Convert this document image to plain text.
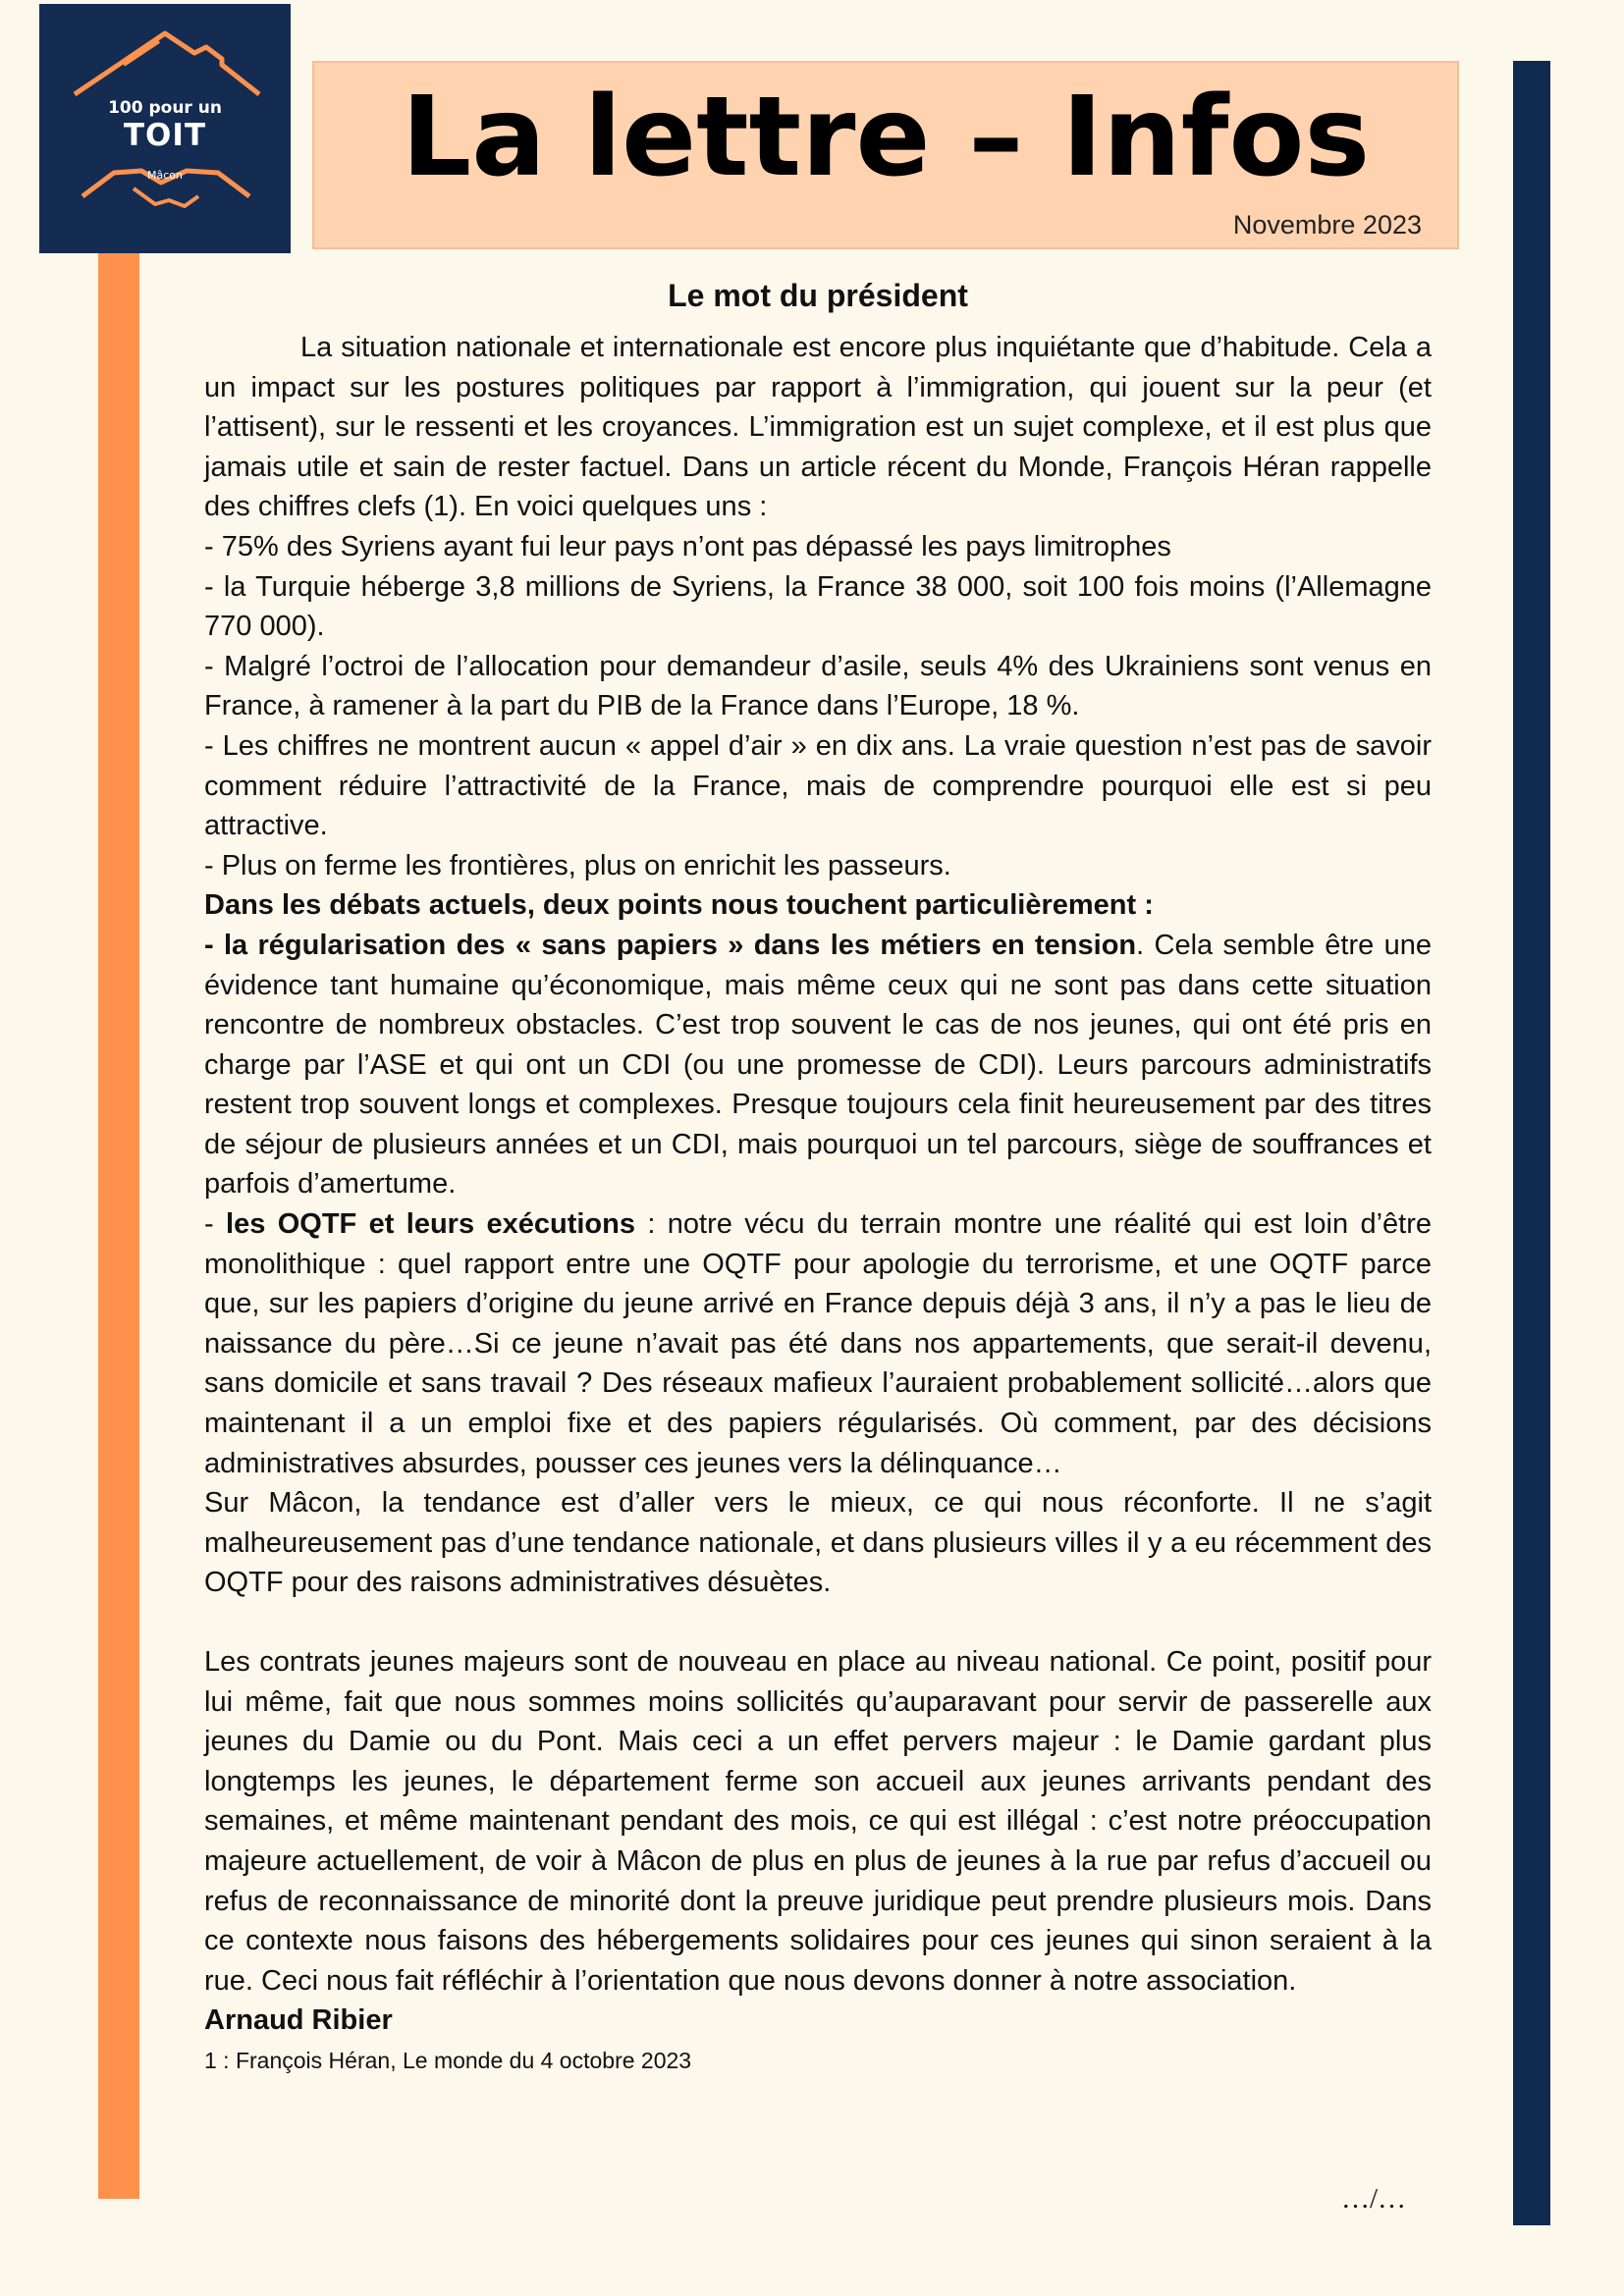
100 pour un
TOIT
Mâcon	La lettre – Infos
Novembre 2023

Le mot du président

La situation nationale et internationale est encore plus inquiétante que d’habitude. Cela a un impact sur les postures politiques par rapport à l’immigration, qui jouent sur la peur (et l’attisent), sur le ressenti et les croyances. L’immigration est un sujet complexe, et il est plus que jamais utile et sain de rester factuel. Dans un article récent du Monde, François Héran rappelle des chiffres clefs (1). En voici quelques uns :

- 75% des Syriens ayant fui leur pays n’ont pas dépassé les pays limitrophes

- la Turquie héberge 3,8 millions de Syriens, la France 38 000, soit 100 fois moins (l’Allemagne 770 000).

- Malgré l’octroi de l’allocation pour demandeur d’asile, seuls 4% des Ukrainiens sont venus en France, à ramener à la part du PIB de la France dans l’Europe, 18 %.

- Les chiffres ne montrent aucun « appel d’air » en dix ans. La vraie question n’est pas de savoir comment réduire l’attractivité de la France, mais de comprendre pourquoi elle est si peu attractive.

- Plus on ferme les frontières, plus on enrichit les passeurs.

Dans les débats actuels, deux points nous touchent particulièrement :

- la régularisation des « sans papiers » dans les métiers en tension. Cela semble être une évidence tant humaine qu’économique, mais même ceux qui ne sont pas dans cette situation rencontre de nombreux obstacles. C’est trop souvent le cas de nos jeunes, qui ont été pris en charge par l’ASE et qui ont un CDI (ou une promesse de CDI). Leurs parcours administratifs restent trop souvent longs et complexes. Presque toujours cela finit heureusement par des titres de séjour de plusieurs années et un CDI, mais pourquoi un tel parcours, siège de souffrances et parfois d’amertume.

- les OQTF et leurs exécutions : notre vécu du terrain montre une réalité qui est loin d’être monolithique : quel rapport entre une OQTF pour apologie du terrorisme, et une OQTF parce que, sur les papiers d’origine du jeune arrivé en France depuis déjà 3 ans, il n’y a pas le lieu de naissance du père…Si ce jeune n’avait pas été dans nos appartements, que serait-il devenu, sans domicile et sans travail ? Des réseaux mafieux l’auraient probablement sollicité…alors que maintenant il a un emploi fixe et des papiers régularisés. Où comment, par des décisions administratives absurdes, pousser ces jeunes vers la délinquance…

Sur Mâcon, la tendance est d’aller vers le mieux, ce qui nous réconforte. Il ne s’agit malheureusement pas d’une tendance nationale, et dans plusieurs villes il y a eu récemment des OQTF pour des raisons administratives désuètes.

Les contrats jeunes majeurs sont de nouveau en place au niveau national. Ce point, positif pour lui même, fait que nous sommes moins sollicités qu’auparavant pour servir de passerelle aux jeunes du Damie ou du Pont. Mais ceci a un effet pervers majeur : le Damie gardant plus longtemps les jeunes, le département ferme son accueil aux jeunes arrivants pendant des semaines, et même maintenant pendant des mois, ce qui est illégal : c’est notre préoccupation majeure actuellement, de voir à Mâcon de plus en plus de jeunes à la rue par refus d’accueil ou refus de reconnaissance de minorité dont la preuve juridique peut prendre plusieurs mois. Dans ce contexte nous faisons des hébergements solidaires pour ces jeunes qui sinon seraient à la rue. Ceci nous fait réfléchir à l’orientation que nous devons donner à notre association.

Arnaud Ribier

1 : François Héran, Le monde du 4 octobre 2023

…/…
